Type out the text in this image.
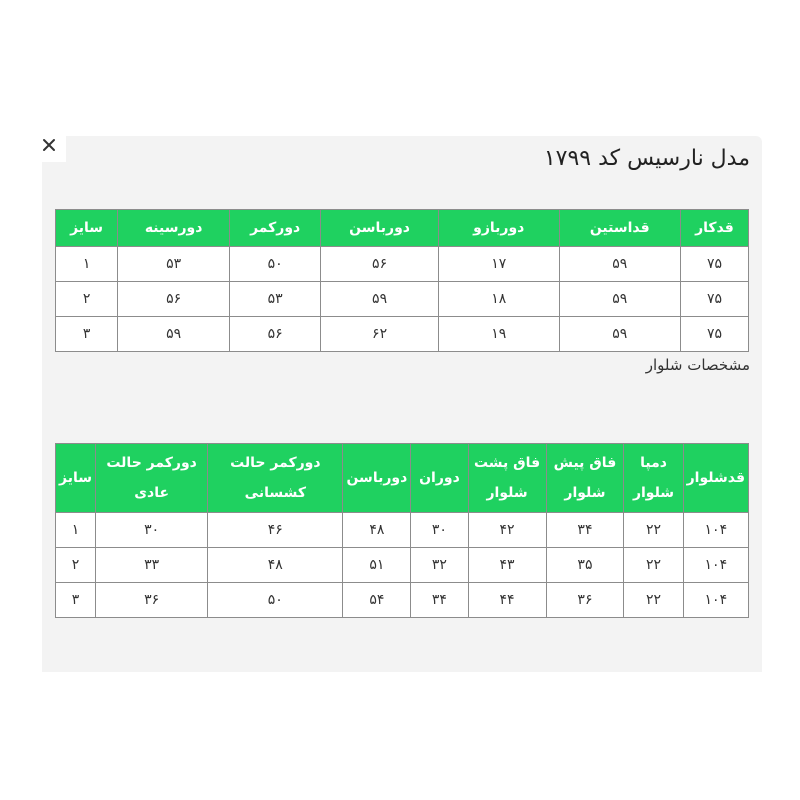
مدل نارسیس کد ۱۷۹۹
قدکار	قداستین	دوربازو	دورباسن	دورکمر	دورسینه	سایز
۷۵	۵۹	۱۷	۵۶	۵۰	۵۳	۱
۷۵	۵۹	۱۸	۵۹	۵۳	۵۶	۲
۷۵	۵۹	۱۹	۶۲	۵۶	۵۹	۳
مشخصات شلوار
قدشلوار	دمپا شلوار	فاق پیش شلوار	فاق پشت شلوار	دوران	دورباسن	دورکمر حالت کشسانی	دورکمر حالت عادی	سایز
۱۰۴	۲۲	۳۴	۴۲	۳۰	۴۸	۴۶	۳۰	۱
۱۰۴	۲۲	۳۵	۴۳	۳۲	۵۱	۴۸	۳۳	۲
۱۰۴	۲۲	۳۶	۴۴	۳۴	۵۴	۵۰	۳۶	۳
